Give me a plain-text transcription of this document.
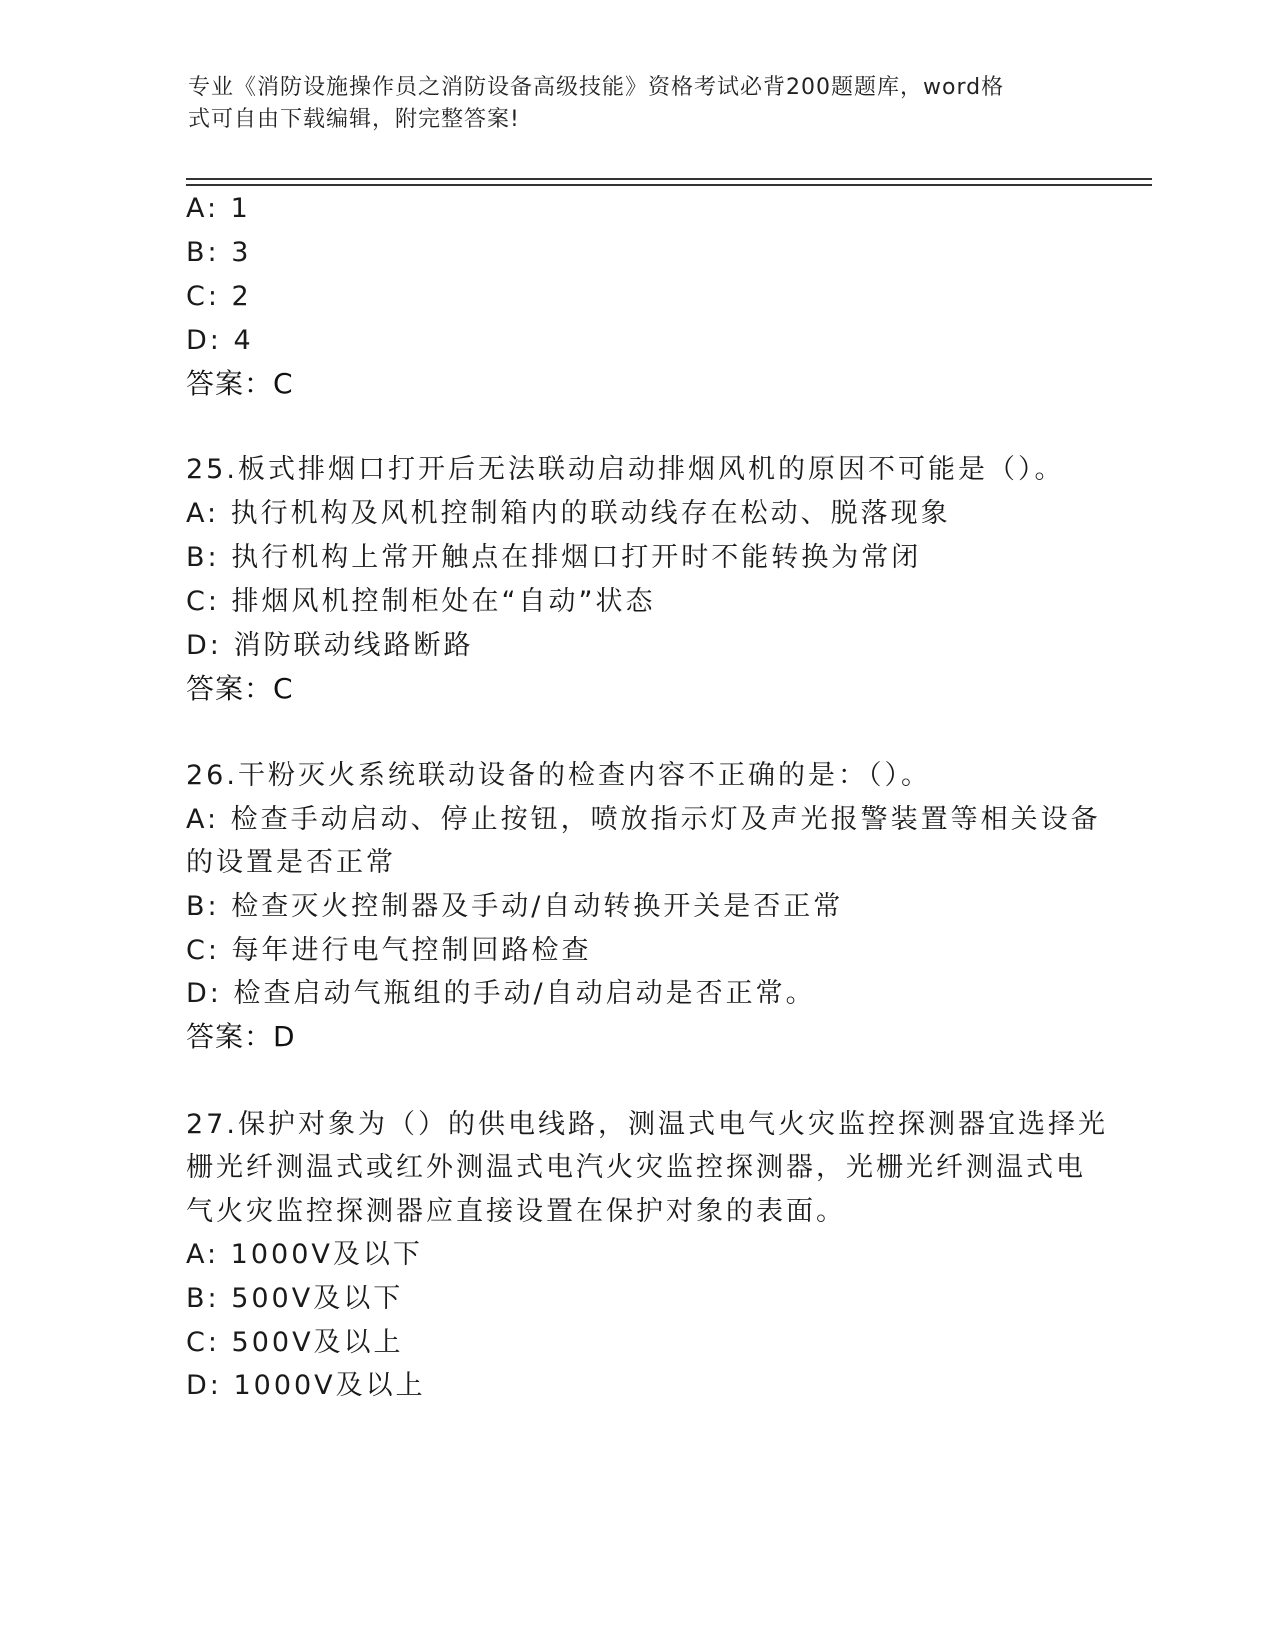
专业《消防设施操作员之消防设备高级技能》资格考试必背200题题库，word格
式可自由下载编辑，附完整答案!
A: 1
B: 3
C: 2
D: 4
答案：C
25.板式排烟口打开后无法联动启动排烟风机的原因不可能是（）。
A: 执行机构及风机控制箱内的联动线存在松动、脱落现象
B: 执行机构上常开触点在排烟口打开时不能转换为常闭
C: 排烟风机控制柜处在“自动”状态
D: 消防联动线路断路
答案：C
26.干粉灭火系统联动设备的检查内容不正确的是：（）。
A: 检查手动启动、停止按钮，喷放指示灯及声光报警装置等相关设备
的设置是否正常
B: 检查灭火控制器及手动/自动转换开关是否正常
C: 每年进行电气控制回路检查
D: 检查启动气瓶组的手动/自动启动是否正常。
答案：D
27.保护对象为（）的供电线路，测温式电气火灾监控探测器宜选择光
栅光纤测温式或红外测温式电汽火灾监控探测器，光栅光纤测温式电
气火灾监控探测器应直接设置在保护对象的表面。
A: 1000V及以下
B: 500V及以下
C: 500V及以上
D: 1000V及以上
